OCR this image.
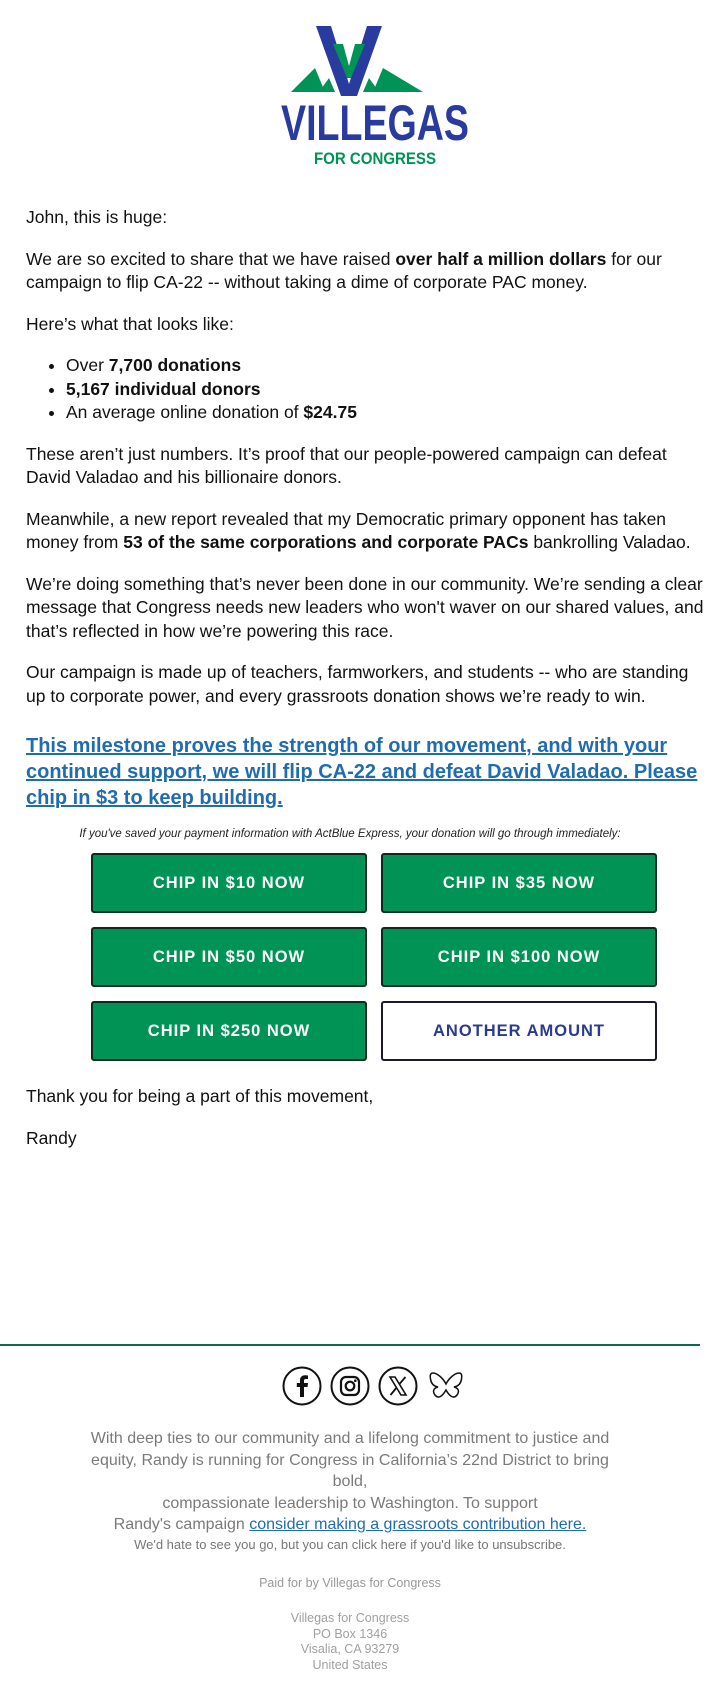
VILLEGAS
FOR CONGRESS

John, this is huge:

We are so excited to share that we have raised over half a million dollars for our
campaign to flip CA-22 -- without taking a dime of corporate PAC money.

Here’s what that looks like:

• Over 7,700 donations
• 5,167 individual donors
• An average online donation of $24.75

These aren’t just numbers. It’s proof that our people-powered campaign can defeat
David Valadao and his billionaire donors.

Meanwhile, a new report revealed that my Democratic primary opponent has taken
money from 53 of the same corporations and corporate PACs bankrolling Valadao.

We’re doing something that’s never been done in our community. We’re sending a clear
message that Congress needs new leaders who won't waver on our shared values, and
that’s reflected in how we’re powering this race.

Our campaign is made up of teachers, farmworkers, and students -- who are standing
up to corporate power, and every grassroots donation shows we’re ready to win.

This milestone proves the strength of our movement, and with your
continued support, we will flip CA-22 and defeat David Valadao. Please
chip in $3 to keep building.
If you've saved your payment information with ActBlue Express, your donation will go through immediately:
CHIP IN $10 NOW	CHIP IN $35 NOW
CHIP IN $50 NOW	CHIP IN $100 NOW
CHIP IN $250 NOW	ANOTHER AMOUNT

Thank you for being a part of this movement,

Randy

With deep ties to our community and a lifelong commitment to justice and
equity, Randy is running for Congress in California’s 22nd District to bring bold,
compassionate leadership to Washington. To support
Randy's campaign consider making a grassroots contribution here.
We'd hate to see you go, but you can click here if you'd like to unsubscribe.
Paid for by Villegas for Congress
Villegas for Congress
PO Box 1346
Visalia, CA 93279
United States
